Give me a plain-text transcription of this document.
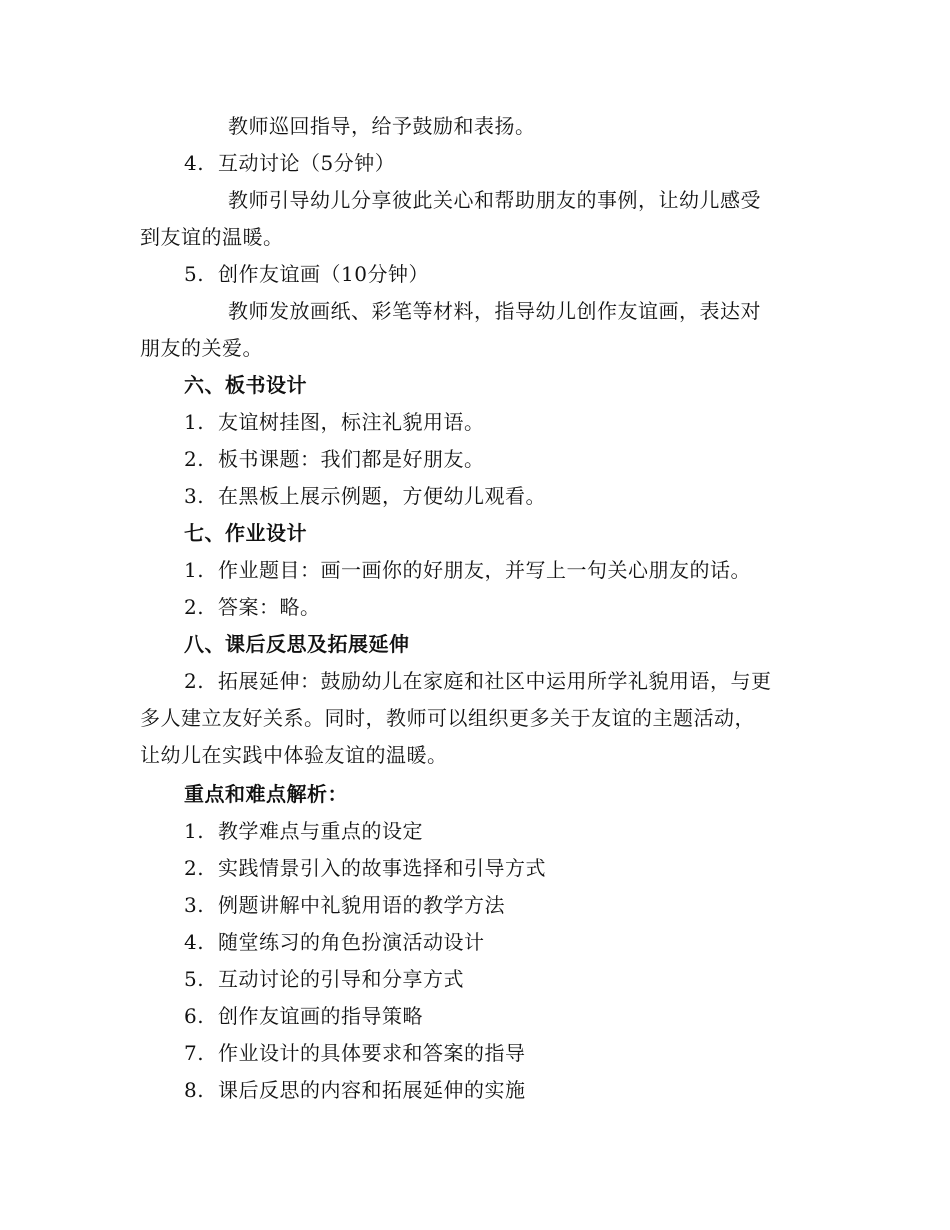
教师巡回指导，给予鼓励和表扬。
4. 互动讨论（5分钟）
教师引导幼儿分享彼此关心和帮助朋友的事例，让幼儿感受
到友谊的温暖。
5. 创作友谊画（10分钟）
教师发放画纸、彩笔等材料，指导幼儿创作友谊画，表达对
朋友的关爱。
六、板书设计
1. 友谊树挂图，标注礼貌用语。
2. 板书课题：我们都是好朋友。
3. 在黑板上展示例题，方便幼儿观看。
七、作业设计
1. 作业题目：画一画你的好朋友，并写上一句关心朋友的话。
2. 答案：略。
八、课后反思及拓展延伸
2. 拓展延伸：鼓励幼儿在家庭和社区中运用所学礼貌用语，与更
多人建立友好关系。同时，教师可以组织更多关于友谊的主题活动，
让幼儿在实践中体验友谊的温暖。
重点和难点解析：
1. 教学难点与重点的设定
2. 实践情景引入的故事选择和引导方式
3. 例题讲解中礼貌用语的教学方法
4. 随堂练习的角色扮演活动设计
5. 互动讨论的引导和分享方式
6. 创作友谊画的指导策略
7. 作业设计的具体要求和答案的指导
8. 课后反思的内容和拓展延伸的实施
